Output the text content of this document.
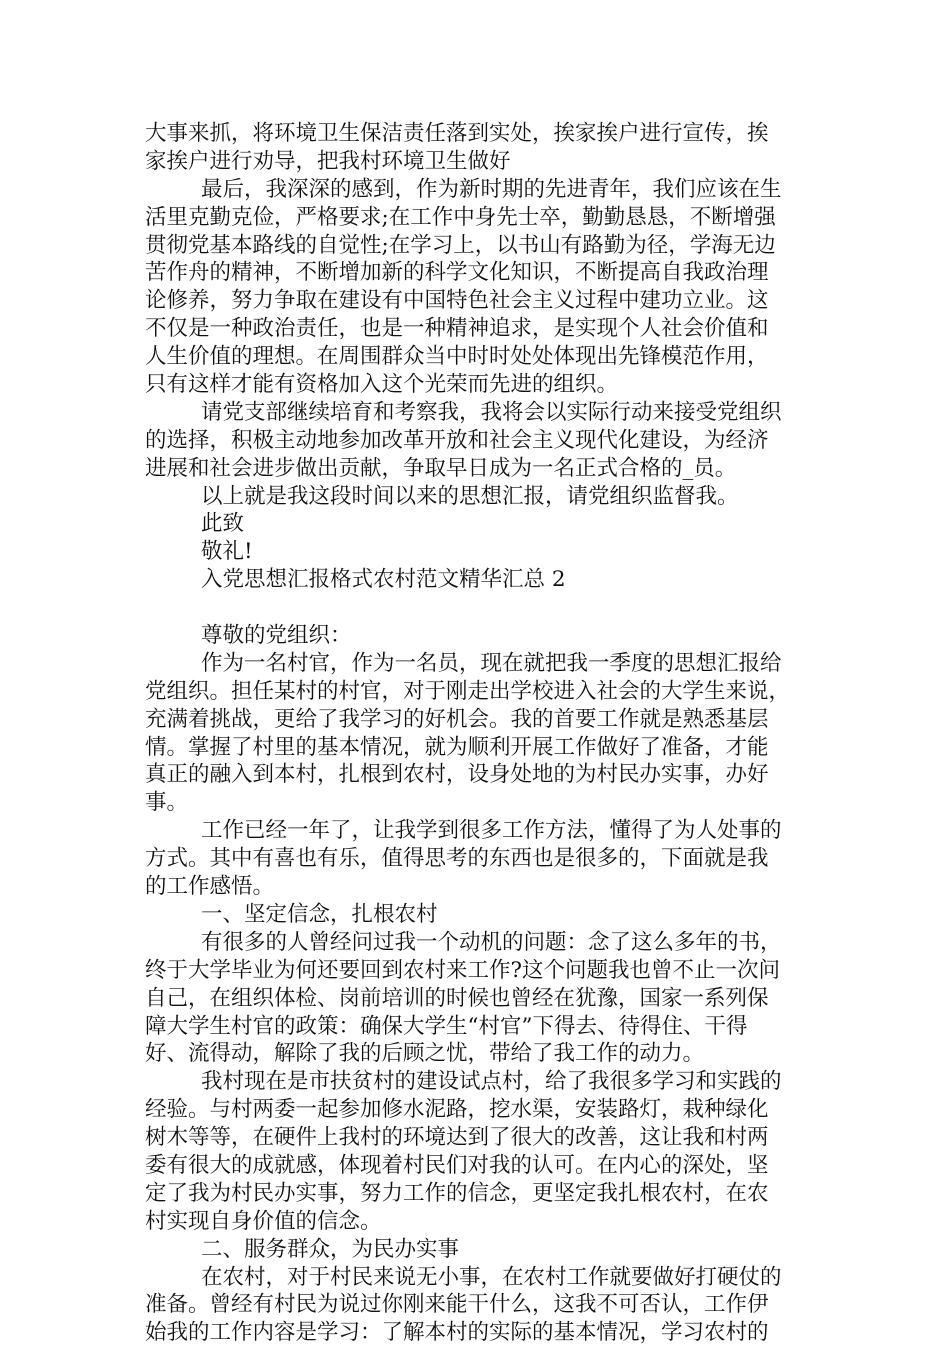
大事来抓，将环境卫生保洁责任落到实处，挨家挨户进行宣传，挨
家挨户进行劝导，把我村环境卫生做好
最后，我深深的感到，作为新时期的先进青年，我们应该在生
活里克勤克俭，严格要求;在工作中身先士卒，勤勤恳恳，不断增强
贯彻党基本路线的自觉性;在学习上，以书山有路勤为径，学海无边
苦作舟的精神，不断增加新的科学文化知识，不断提高自我政治理
论修养，努力争取在建设有中国特色社会主义过程中建功立业。这
不仅是一种政治责任，也是一种精神追求，是实现个人社会价值和
人生价值的理想。在周围群众当中时时处处体现出先锋模范作用，
只有这样才能有资格加入这个光荣而先进的组织。
请党支部继续培育和考察我，我将会以实际行动来接受党组织
的选择，积极主动地参加改革开放和社会主义现代化建设，为经济
进展和社会进步做出贡献，争取早日成为一名正式合格的_员。
以上就是我这段时间以来的思想汇报，请党组织监督我。
此致
敬礼!
入党思想汇报格式农村范文精华汇总 2
尊敬的党组织：
作为一名村官，作为一名员，现在就把我一季度的思想汇报给
党组织。担任某村的村官，对于刚走出学校进入社会的大学生来说，
充满着挑战，更给了我学习的好机会。我的首要工作就是熟悉基层
情。掌握了村里的基本情况，就为顺利开展工作做好了准备，才能
真正的融入到本村，扎根到农村，设身处地的为村民办实事，办好
事。
工作已经一年了，让我学到很多工作方法，懂得了为人处事的
方式。其中有喜也有乐，值得思考的东西也是很多的，下面就是我
的工作感悟。
一、坚定信念，扎根农村
有很多的人曾经问过我一个动机的问题：念了这么多年的书，
终于大学毕业为何还要回到农村来工作?这个问题我也曾不止一次问
自己，在组织体检、岗前培训的时候也曾经在犹豫，国家一系列保
障大学生村官的政策：确保大学生“村官”下得去、待得住、干得
好、流得动，解除了我的后顾之忧，带给了我工作的动力。
我村现在是市扶贫村的建设试点村，给了我很多学习和实践的
经验。与村两委一起参加修水泥路，挖水渠，安装路灯，栽种绿化
树木等等，在硬件上我村的环境达到了很大的改善，这让我和村两
委有很大的成就感，体现着村民们对我的认可。在内心的深处，坚
定了我为村民办实事，努力工作的信念，更坚定我扎根农村，在农
村实现自身价值的信念。
二、服务群众，为民办实事
在农村，对于村民来说无小事，在农村工作就要做好打硬仗的
准备。曾经有村民为说过你刚来能干什么，这我不可否认，工作伊
始我的工作内容是学习：了解本村的实际的基本情况，学习农村的
